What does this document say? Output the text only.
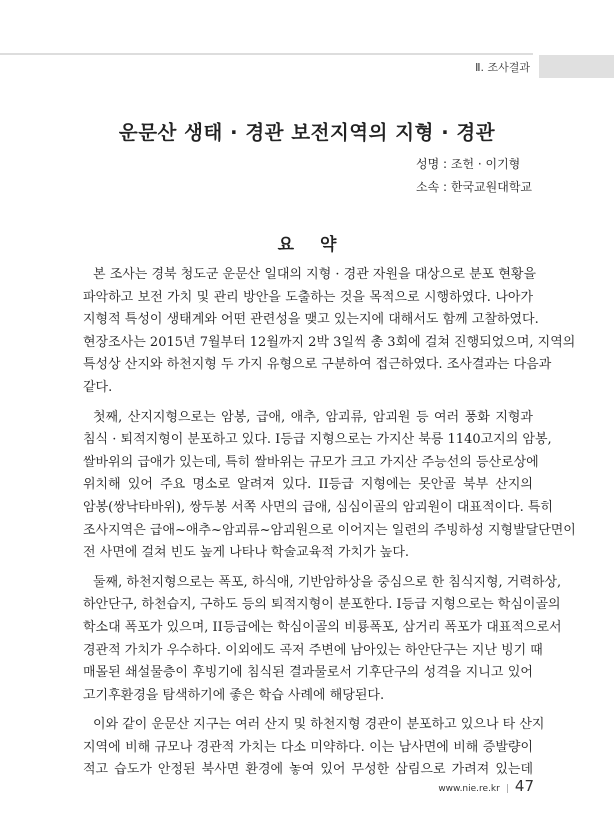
Ⅱ. 조사결과
운문산 생태 · 경관 보전지역의 지형 · 경관
성명 : 조헌 · 이기형
소속 : 한국교원대학교
요 약
본 조사는 경북 청도군 운문산 일대의 지형 · 경관 자원을 대상으로 분포 현황을
파악하고 보전 가치 및 관리 방안을 도출하는 것을 목적으로 시행하였다. 나아가
지형적 특성이 생태계와 어떤 관련성을 맺고 있는지에 대해서도 함께 고찰하였다.
현장조사는 2015년 7월부터 12월까지 2박 3일씩 총 3회에 걸쳐 진행되었으며, 지역의
특성상 산지와 하천지형 두 가지 유형으로 구분하여 접근하였다. 조사결과는 다음과
같다.
첫째, 산지지형으로는 암봉, 급애, 애추, 암괴류, 암괴원 등 여러 풍화 지형과
침식 · 퇴적지형이 분포하고 있다. I등급 지형으로는 가지산 북릉 1140고지의 암봉,
쌀바위의 급애가 있는데, 특히 쌀바위는 규모가 크고 가지산 주능선의 등산로상에
위치해 있어 주요 명소로 알려져 있다. II등급 지형에는 못안골 북부 산지의
암봉(쌍낙타바위), 쌍두봉 서쪽 사면의 급애, 심심이골의 암괴원이 대표적이다. 특히
조사지역은 급애~애추~암괴류~암괴원으로 이어지는 일련의 주빙하성 지형발달단면이
전 사면에 걸쳐 빈도 높게 나타나 학술교육적 가치가 높다.
둘째, 하천지형으로는 폭포, 하식애, 기반암하상을 중심으로 한 침식지형, 거력하상,
하안단구, 하천습지, 구하도 등의 퇴적지형이 분포한다. I등급 지형으로는 학심이골의
학소대 폭포가 있으며, II등급에는 학심이골의 비룡폭포, 삼거리 폭포가 대표적으로서
경관적 가치가 우수하다. 이외에도 곡저 주변에 남아있는 하안단구는 지난 빙기 때
매몰된 쇄설물층이 후빙기에 침식된 결과물로서 기후단구의 성격을 지니고 있어
고기후환경을 탐색하기에 좋은 학습 사례에 해당된다.
이와 같이 운문산 지구는 여러 산지 및 하천지형 경관이 분포하고 있으나 타 산지
지역에 비해 규모나 경관적 가치는 다소 미약하다. 이는 남사면에 비해 증발량이
적고 습도가 안정된 북사면 환경에 놓여 있어 무성한 삼림으로 가려져 있는데
www.nie.re.kr | 47
